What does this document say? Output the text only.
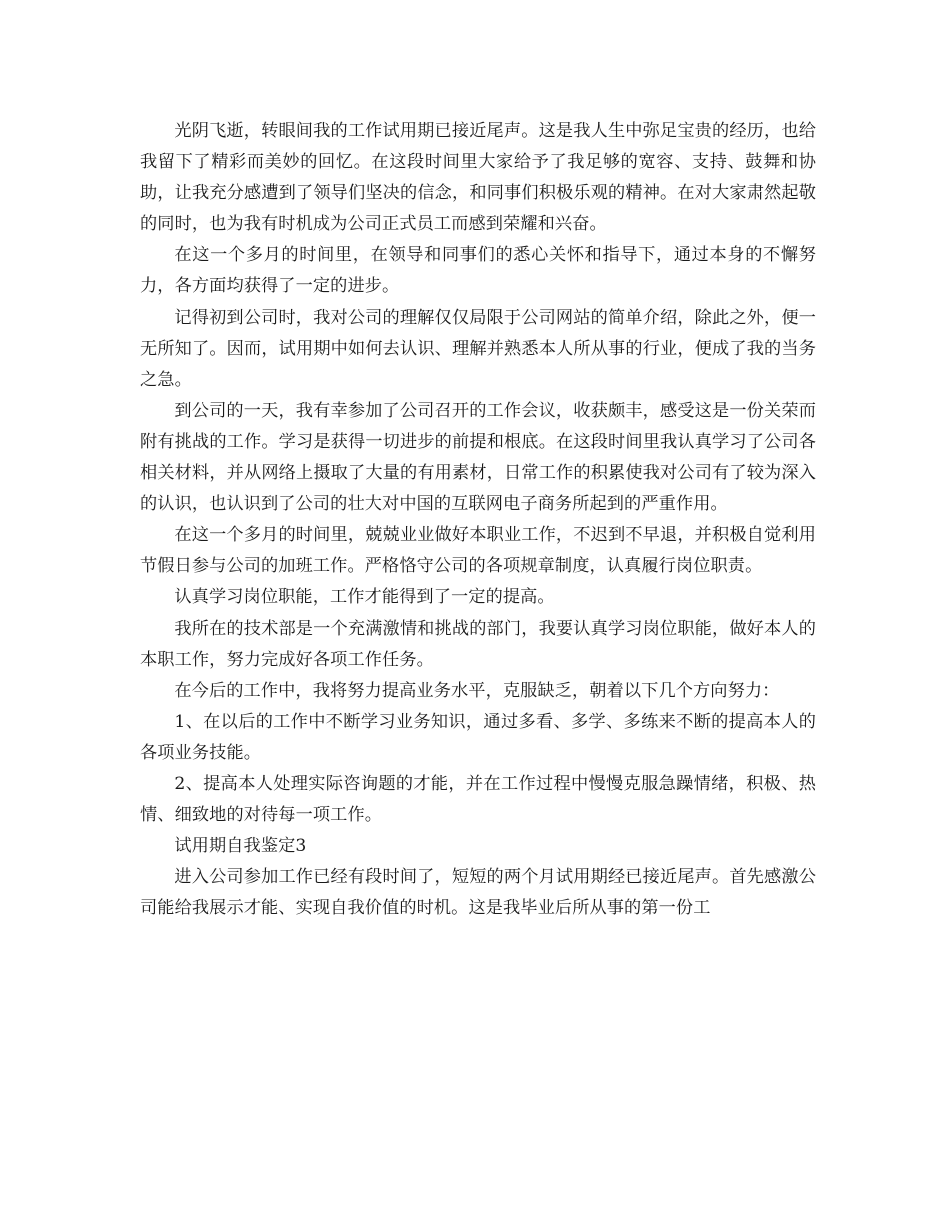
光阴飞逝，转眼间我的工作试用期已接近尾声。这是我人生中弥足宝贵的经历，也给我留下了精彩而美妙的回忆。在这段时间里大家给予了我足够的宽容、支持、鼓舞和协助，让我充分感遭到了领导们坚决的信念，和同事们积极乐观的精神。在对大家肃然起敬的同时，也为我有时机成为公司正式员工而感到荣耀和兴奋。

在这一个多月的时间里，在领导和同事们的悉心关怀和指导下，通过本身的不懈努力，各方面均获得了一定的进步。

记得初到公司时，我对公司的理解仅仅局限于公司网站的简单介绍，除此之外，便一无所知了。因而，试用期中如何去认识、理解并熟悉本人所从事的行业，便成了我的当务之急。

到公司的一天，我有幸参加了公司召开的工作会议，收获颇丰，感受这是一份关荣而附有挑战的工作。学习是获得一切进步的前提和根底。在这段时间里我认真学习了公司各相关材料，并从网络上摄取了大量的有用素材，日常工作的积累使我对公司有了较为深入的认识，也认识到了公司的壮大对中国的互联网电子商务所起到的严重作用。

在这一个多月的时间里，兢兢业业做好本职业工作，不迟到不早退，并积极自觉利用节假日参与公司的加班工作。严格恪守公司的各项规章制度，认真履行岗位职责。

认真学习岗位职能，工作才能得到了一定的提高。

我所在的技术部是一个充满激情和挑战的部门，我要认真学习岗位职能，做好本人的本职工作，努力完成好各项工作任务。

在今后的工作中，我将努力提高业务水平，克服缺乏，朝着以下几个方向努力：

1、在以后的工作中不断学习业务知识，通过多看、多学、多练来不断的提高本人的各项业务技能。

2、提高本人处理实际咨询题的才能，并在工作过程中慢慢克服急躁情绪，积极、热情、细致地的对待每一项工作。

试用期自我鉴定3

进入公司参加工作已经有段时间了，短短的两个月试用期经已接近尾声。首先感激公司能给我展示才能、实现自我价值的时机。这是我毕业后所从事的第一份工
